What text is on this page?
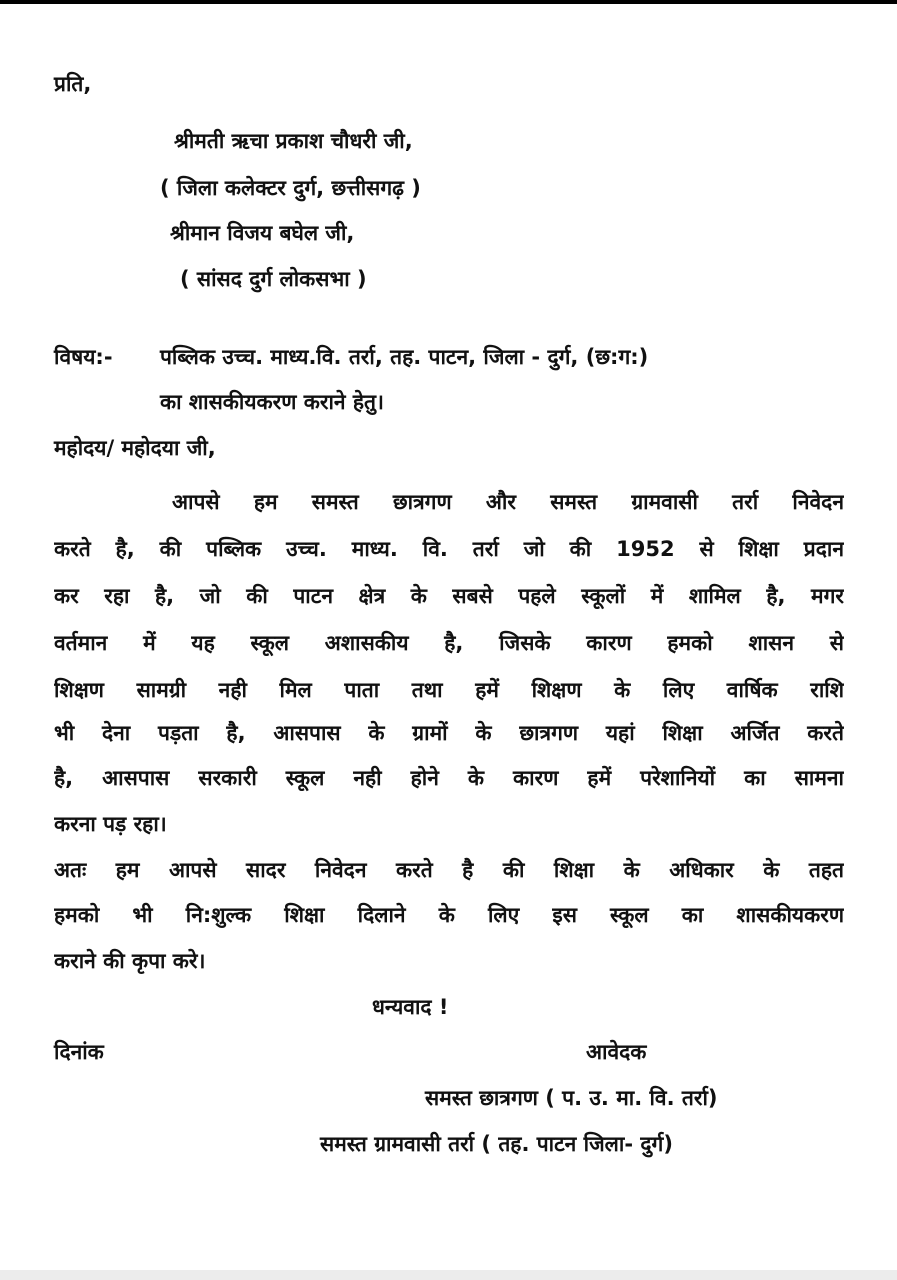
प्रति,
श्रीमती ऋचा प्रकाश चौधरी जी,
( जिला कलेक्टर दुर्ग, छत्तीसगढ़ )
श्रीमान विजय बघेल जी,
( सांसद दुर्ग लोकसभा )
विषय:- पब्लिक उच्च. माध्य.वि. तर्रा, तह. पाटन, जिला - दुर्ग, (छ:ग:)
का शासकीयकरण कराने हेतु।
महोदय/ महोदया जी,
आपसे हम समस्त छात्रगण और समस्त ग्रामवासी तर्रा निवेदन
करते है, की पब्लिक उच्च. माध्य. वि. तर्रा जो की 1952 से शिक्षा प्रदान
कर रहा है, जो की पाटन क्षेत्र के सबसे पहले स्कूलों में शामिल है, मगर
वर्तमान में यह स्कूल अशासकीय है, जिसके कारण हमको शासन से
शिक्षण सामग्री नही मिल पाता तथा हमें शिक्षण के लिए वार्षिक राशि
भी देना पड़ता है, आसपास के ग्रामों के छात्रगण यहां शिक्षा अर्जित करते
है, आसपास सरकारी स्कूल नही होने के कारण हमें परेशानियों का सामना
करना पड़ रहा।
अतः हम आपसे सादर निवेदन करते है की शिक्षा के अधिकार के तहत
हमको भी नि:शुल्क शिक्षा दिलाने के लिए इस स्कूल का शासकीयकरण
कराने की कृपा करे।
धन्यवाद !
दिनांक	आवेदक
समस्त छात्रगण ( प. उ. मा. वि. तर्रा)
समस्त ग्रामवासी तर्रा ( तह. पाटन जिला- दुर्ग)
